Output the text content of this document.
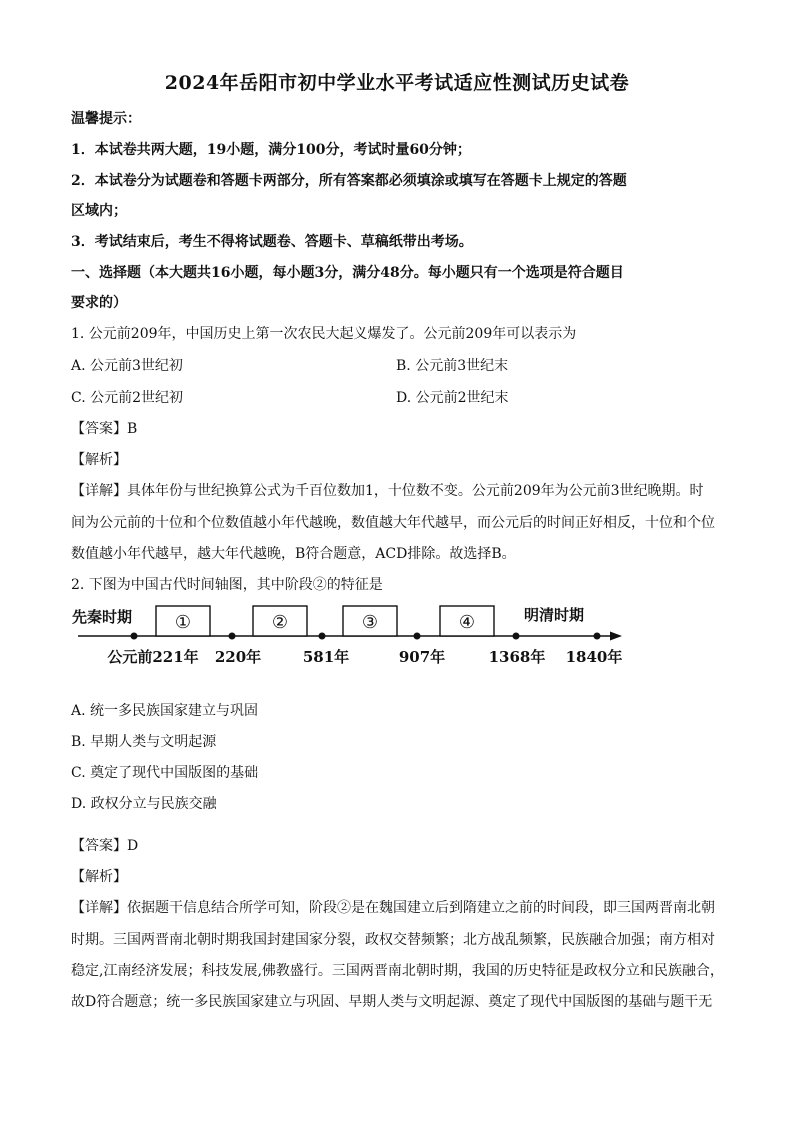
2024年岳阳市初中学业水平考试适应性测试历史试卷
温馨提示：
1．本试卷共两大题，19小题，满分100分，考试时量60分钟；
2．本试卷分为试题卷和答题卡两部分，所有答案都必须填涂或填写在答题卡上规定的答题
区域内；
3．考试结束后，考生不得将试题卷、答题卡、草稿纸带出考场。
一、选择题（本大题共16小题，每小题3分，满分48分。每小题只有一个选项是符合题目
要求的）
1. 公元前209年，中国历史上第一次农民大起义爆发了。公元前209年可以表示为
A. 公元前3世纪初	B. 公元前3世纪末
C. 公元前2世纪初	D. 公元前2世纪末
【答案】B
【解析】
【详解】具体年份与世纪换算公式为千百位数加1，十位数不变。公元前209年为公元前3世纪晚期。时
间为公元前的十位和个位数值越小年代越晚，数值越大年代越早，而公元后的时间正好相反，十位和个位
数值越小年代越早，越大年代越晚，B符合题意，ACD排除。故选择B。
2. 下图为中国古代时间轴图，其中阶段②的特征是
先秦时期	明清时期
①	②	③	④
公元前221年 220年	581年	907年	1368年 1840年
A. 统一多民族国家建立与巩固
B. 早期人类与文明起源
C. 奠定了现代中国版图的基础
D. 政权分立与民族交融
【答案】D
【解析】
【详解】依据题干信息结合所学可知，阶段②是在魏国建立后到隋建立之前的时间段，即三国两晋南北朝
时期。三国两晋南北朝时期我国封建国家分裂，政权交替频繁；北方战乱频繁，民族融合加强；南方相对
稳定,江南经济发展；科技发展,佛教盛行。三国两晋南北朝时期，我国的历史特征是政权分立和民族融合，
故D符合题意；统一多民族国家建立与巩固、早期人类与文明起源、奠定了现代中国版图的基础与题干无
